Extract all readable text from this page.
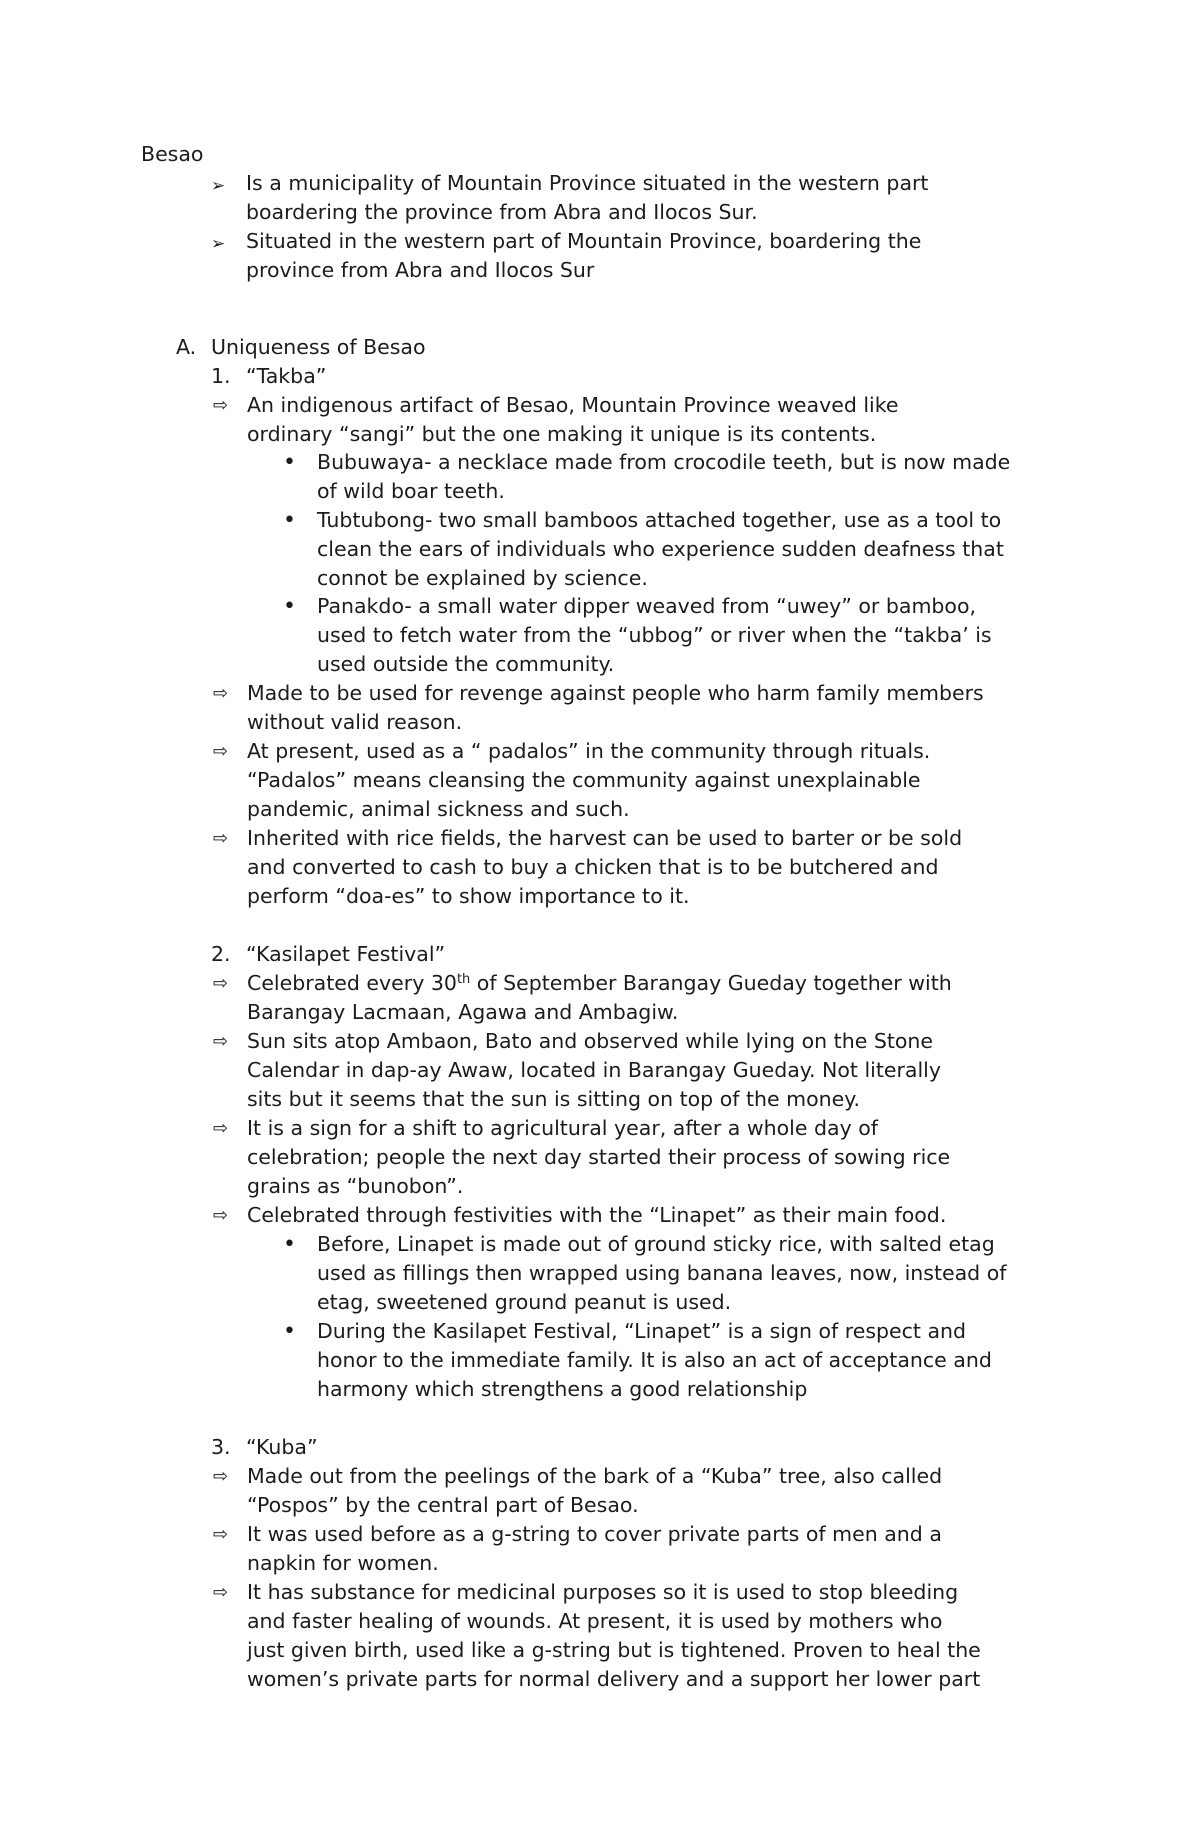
Besao
➢ Is a municipality of Mountain Province situated in the western part
boardering the province from Abra and Ilocos Sur.
➢ Situated in the western part of Mountain Province, boardering the
province from Abra and Ilocos Sur
A. Uniqueness of Besao
1. “Takba”
⇨ An indigenous artifact of Besao, Mountain Province weaved like
ordinary “sangi” but the one making it unique is its contents.
• Bubuwaya- a necklace made from crocodile teeth, but is now made
of wild boar teeth.
• Tubtubong- two small bamboos attached together, use as a tool to
clean the ears of individuals who experience sudden deafness that
connot be explained by science.
• Panakdo- a small water dipper weaved from “uwey” or bamboo,
used to fetch water from the “ubbog” or river when the “takba’ is
used outside the community.
⇨ Made to be used for revenge against people who harm family members
without valid reason.
⇨ At present, used as a “ padalos” in the community through rituals.
“Padalos” means cleansing the community against unexplainable
pandemic, animal sickness and such.
⇨ Inherited with rice fields, the harvest can be used to barter or be sold
and converted to cash to buy a chicken that is to be butchered and
perform “doa-es” to show importance to it.
2. “Kasilapet Festival”
⇨ Celebrated every 30th of September Barangay Gueday together with
Barangay Lacmaan, Agawa and Ambagiw.
⇨ Sun sits atop Ambaon, Bato and observed while lying on the Stone
Calendar in dap-ay Awaw, located in Barangay Gueday. Not literally
sits but it seems that the sun is sitting on top of the money.
⇨ It is a sign for a shift to agricultural year, after a whole day of
celebration; people the next day started their process of sowing rice
grains as “bunobon”.
⇨ Celebrated through festivities with the “Linapet” as their main food.
• Before, Linapet is made out of ground sticky rice, with salted etag
used as fillings then wrapped using banana leaves, now, instead of
etag, sweetened ground peanut is used.
• During the Kasilapet Festival, “Linapet” is a sign of respect and
honor to the immediate family. It is also an act of acceptance and
harmony which strengthens a good relationship
3. “Kuba”
⇨ Made out from the peelings of the bark of a “Kuba” tree, also called
“Pospos” by the central part of Besao.
⇨ It was used before as a g-string to cover private parts of men and a
napkin for women.
⇨ It has substance for medicinal purposes so it is used to stop bleeding
and faster healing of wounds. At present, it is used by mothers who
just given birth, used like a g-string but is tightened. Proven to heal the
women’s private parts for normal delivery and a support her lower part
